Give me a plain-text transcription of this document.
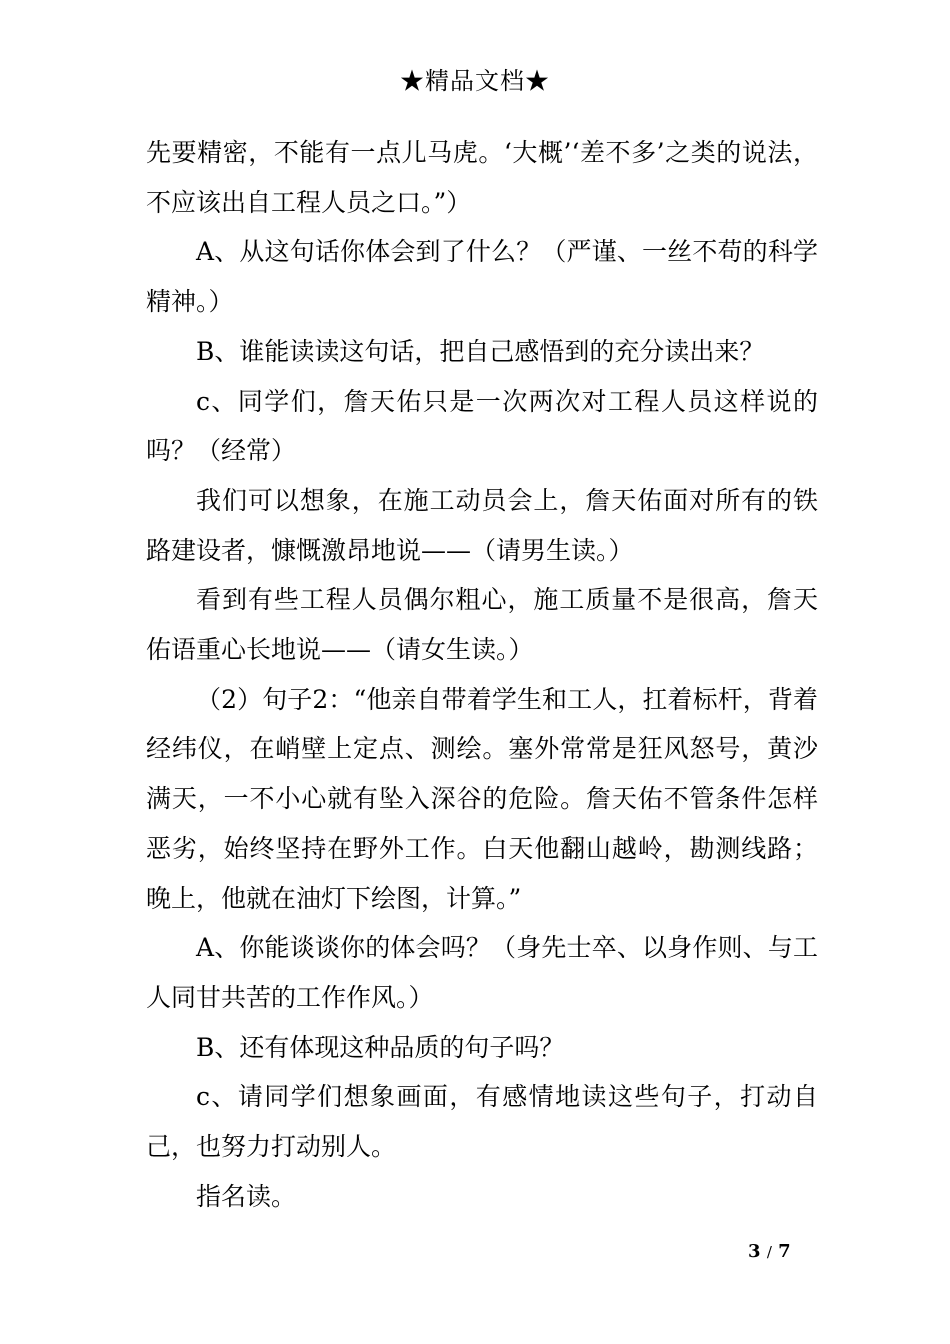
★精品文档★

先要精密，不能有一点儿马虎。‘大概’‘差不多’之类的说法，不应该出自工程人员之口。”）

A、从这句话你体会到了什么？（严谨、一丝不苟的科学精神。）

B、谁能读读这句话，把自己感悟到的充分读出来？

c、同学们，詹天佑只是一次两次对工程人员这样说的吗？（经常）

我们可以想象，在施工动员会上，詹天佑面对所有的铁路建设者，慷慨激昂地说——（请男生读。）

看到有些工程人员偶尔粗心，施工质量不是很高，詹天佑语重心长地说——（请女生读。）

（2）句子2：“他亲自带着学生和工人，扛着标杆，背着经纬仪，在峭壁上定点、测绘。塞外常常是狂风怒号，黄沙满天，一不小心就有坠入深谷的危险。詹天佑不管条件怎样恶劣，始终坚持在野外工作。白天他翻山越岭，勘测线路；晚上，他就在油灯下绘图，计算。”

A、你能谈谈你的体会吗？（身先士卒、以身作则、与工人同甘共苦的工作作风。）

B、还有体现这种品质的句子吗？

c、请同学们想象画面，有感情地读这些句子，打动自己，也努力打动别人。

指名读。

3 / 7
